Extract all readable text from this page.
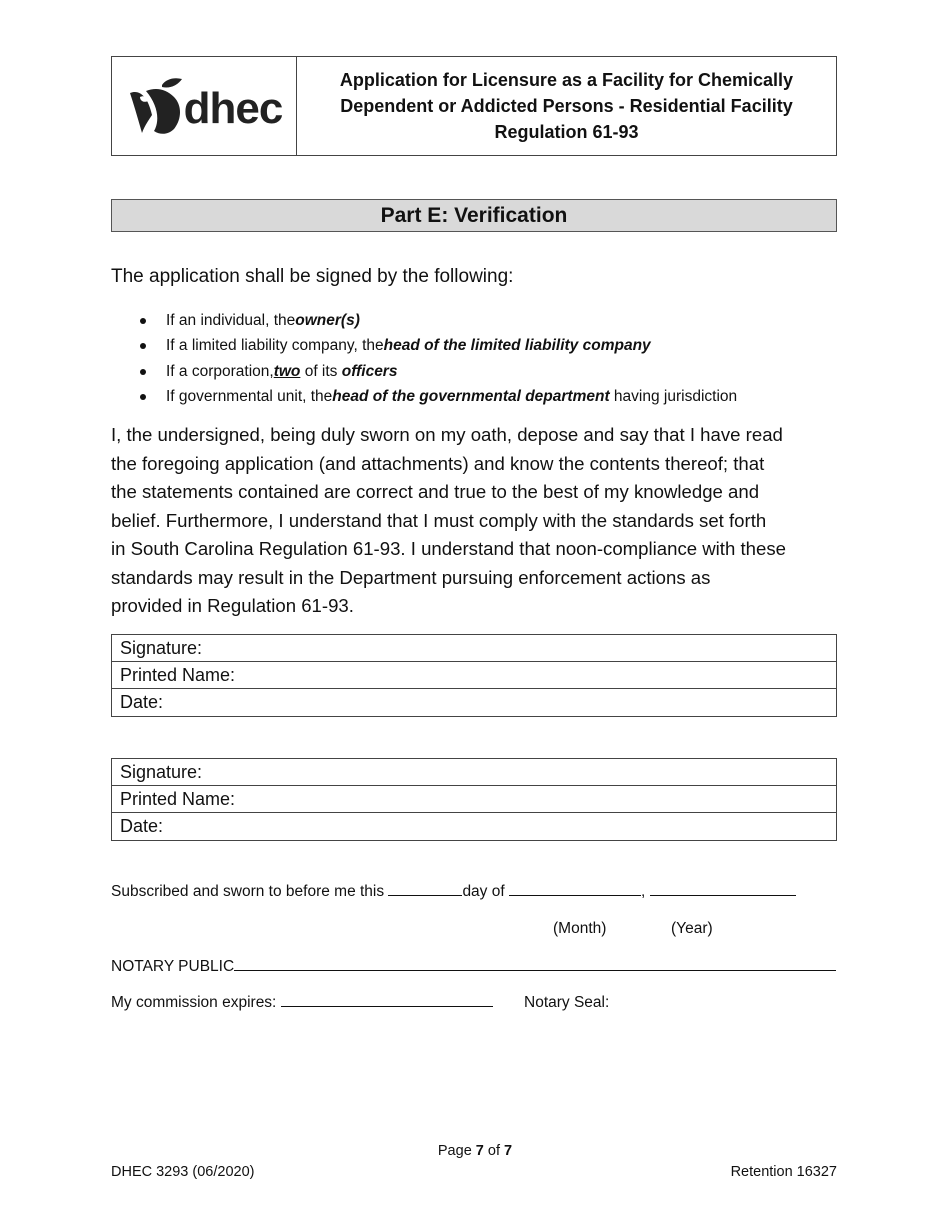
dhec
Application for Licensure as a Facility for Chemically
Dependent or Addicted Persons - Residential Facility
Regulation 61-93
Part E: Verification
The application shall be signed by the following:
If an individual, the owner(s)
If a limited liability company, the head of the limited liability company
If a corporation, two of its officers
If governmental unit, the head of the governmental department having jurisdiction
I, the undersigned, being duly sworn on my oath, depose and say that I have read
the foregoing application (and attachments) and know the contents thereof; that
the statements contained are correct and true to the best of my knowledge and
belief. Furthermore, I understand that I must comply with the standards set forth
in South Carolina Regulation 61-93. I understand that noon-compliance with these
standards may result in the Department pursuing enforcement actions as
provided in Regulation 61-93.
Signature:
Printed Name:
Date:
Signature:
Printed Name:
Date:
Subscribed and sworn to before me this	day of	,
(Month)	(Year)
NOTARY PUBLIC
My commission expires:	Notary Seal:
Page 7 of 7
DHEC 3293 (06/2020)	Retention 16327
